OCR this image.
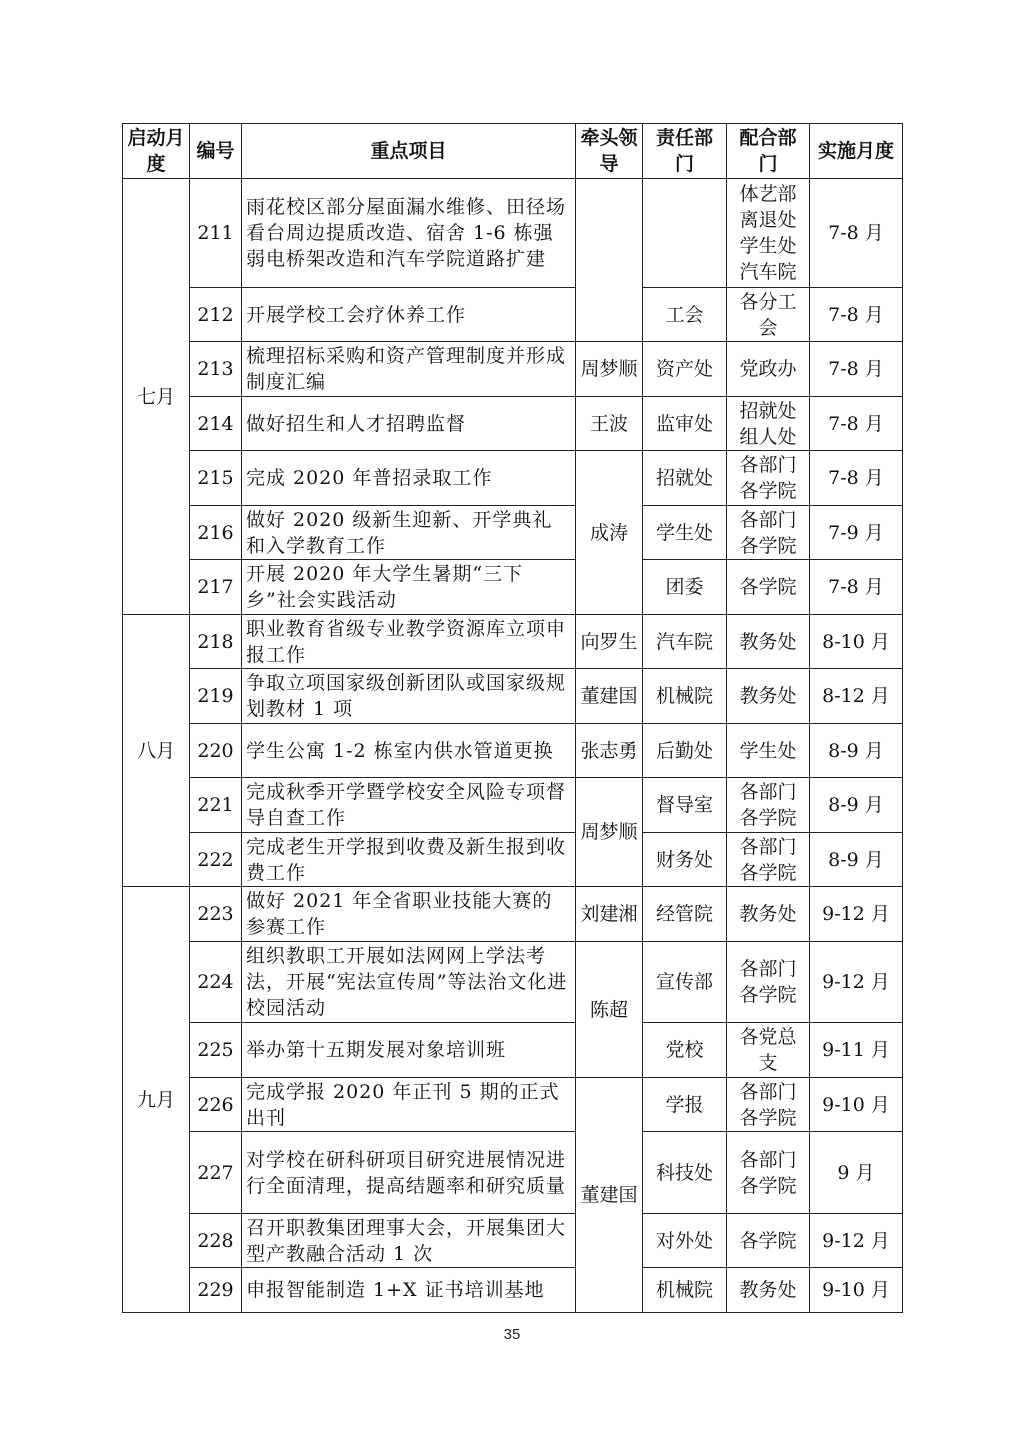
启动月度	编号	重点项目	牵头领导	责任部门	配合部门	实施月度
七月	211	雨花校区部分屋面漏水维修、田径场看台周边提质改造、宿舍 1-6 栋强弱电桥架改造和汽车学院道路扩建			体艺部离退处学生处汽车院	7-8 月
	212	开展学校工会疗休养工作		工会	各分工会	7-8 月
	213	梳理招标采购和资产管理制度并形成制度汇编	周梦顺	资产处	党政办	7-8 月
	214	做好招生和人才招聘监督	王波	监审处	招就处组人处	7-8 月
	215	完成 2020 年普招录取工作	成涛	招就处	各部门各学院	7-8 月
	216	做好 2020 级新生迎新、开学典礼和入学教育工作		学生处	各部门各学院	7-9 月
	217	开展 2020 年大学生暑期“三下乡”社会实践活动		团委	各学院	7-8 月
八月	218	职业教育省级专业教学资源库立项申报工作	向罗生	汽车院	教务处	8-10 月
	219	争取立项国家级创新团队或国家级规划教材 1 项	董建国	机械院	教务处	8-12 月
	220	学生公寓 1-2 栋室内供水管道更换	张志勇	后勤处	学生处	8-9 月
	221	完成秋季开学暨学校安全风险专项督导自查工作	周梦顺	督导室	各部门各学院	8-9 月
	222	完成老生开学报到收费及新生报到收费工作		财务处	各部门各学院	8-9 月
九月	223	做好 2021 年全省职业技能大赛的参赛工作	刘建湘	经管院	教务处	9-12 月
	224	组织教职工开展如法网网上学法考法，开展“宪法宣传周”等法治文化进校园活动	陈超	宣传部	各部门各学院	9-12 月
	225	举办第十五期发展对象培训班		党校	各党总支	9-11 月
	226	完成学报 2020 年正刊 5 期的正式出刊	董建国	学报	各部门各学院	9-10 月
	227	对学校在研科研项目研究进展情况进行全面清理，提高结题率和研究质量		科技处	各部门各学院	9 月
	228	召开职教集团理事大会，开展集团大型产教融合活动 1 次		对外处	各学院	9-12 月
	229	申报智能制造 1+X 证书培训基地		机械院	教务处	9-10 月
35
